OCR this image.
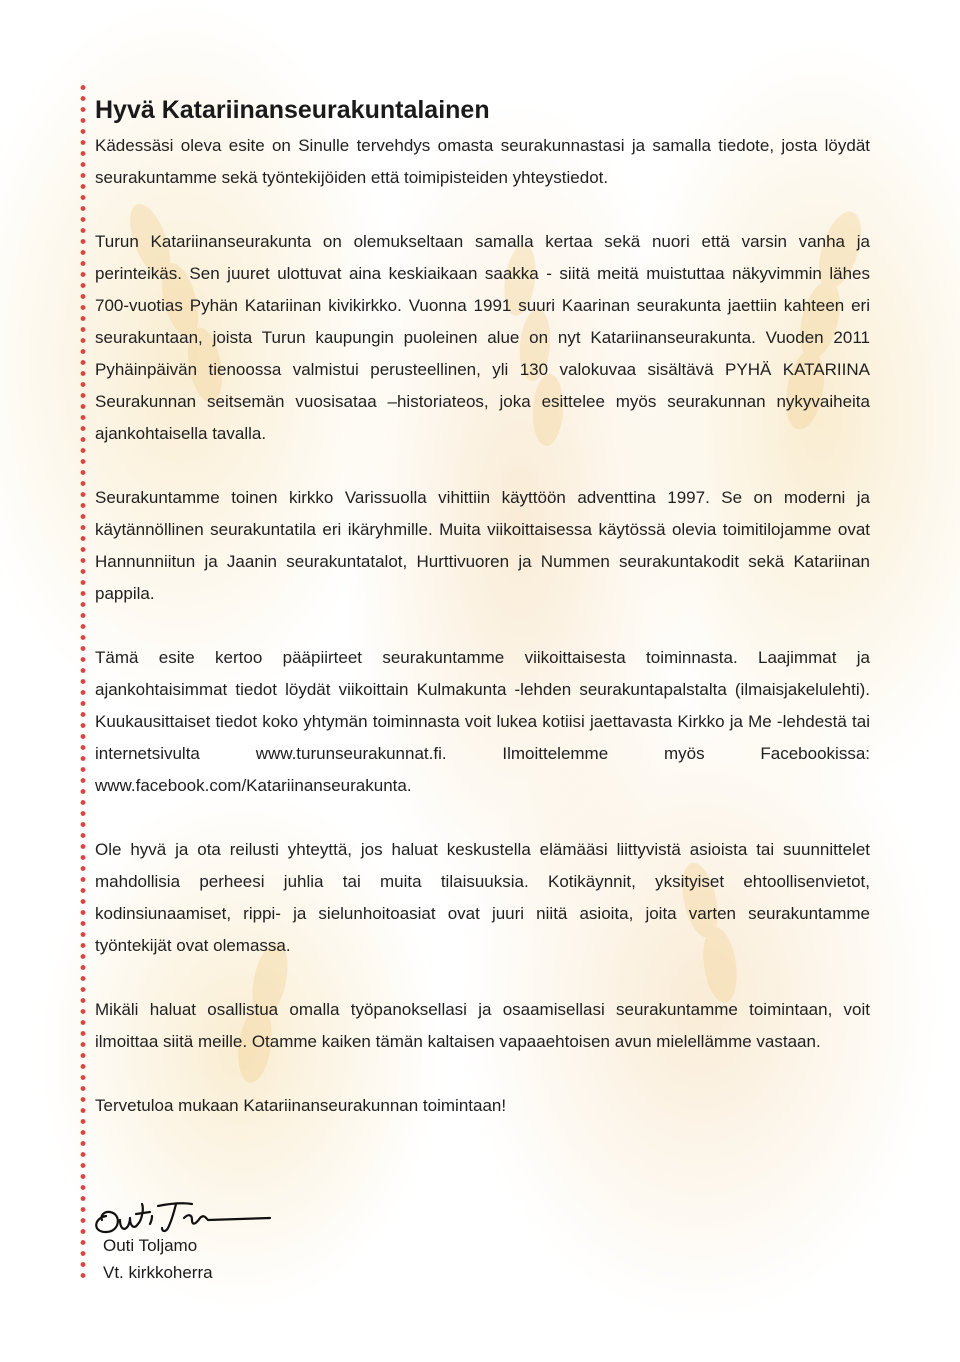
Hyvä Katariinanseurakuntalainen

Kädessäsi oleva esite on Sinulle tervehdys omasta seurakunnastasi ja samalla tiedote, josta löydät seurakuntamme sekä työntekijöiden että toimipisteiden yhteystiedot.

Turun Katariinanseurakunta on olemukseltaan samalla kertaa sekä nuori että varsin vanha ja perinteikäs. Sen juuret ulottuvat aina keskiaikaan saakka - siitä meitä muistuttaa näkyvimmin lähes 700-vuotias Pyhän Katariinan kivikirkko. Vuonna 1991 suuri Kaarinan seurakunta jaettiin kahteen eri seurakuntaan, joista Turun kaupungin puoleinen alue on nyt Katariinanseurakunta. Vuoden 2011 Pyhäinpäivän tienoossa valmistui perusteellinen, yli 130 valokuvaa sisältävä PYHÄ KATARIINA Seurakunnan seitsemän vuosisataa –historiateos, joka esittelee myös seurakunnan nykyvaiheita ajankohtaisella tavalla.

Seurakuntamme toinen kirkko Varissuolla vihittiin käyttöön adventtina 1997. Se on moderni ja käytännöllinen seurakuntatila eri ikäryhmille. Muita viikoittaisessa käytössä olevia toimitilojamme ovat Hannunniitun ja Jaanin seurakuntatalot, Hurttivuoren ja Nummen seurakuntakodit sekä Katariinan pappila.

Tämä esite kertoo pääpiirteet seurakuntamme viikoittaisesta toiminnasta. Laajimmat ja ajankohtaisimmat tiedot löydät viikoittain Kulmakunta -lehden seurakuntapalstalta (ilmaisjakelulehti). Kuukausittaiset tiedot koko yhtymän toiminnasta voit lukea kotiisi jaettavasta Kirkko ja Me -lehdestä tai internetsivulta www.turunseurakunnat.fi. Ilmoittelemme myös Facebookissa: www.facebook.com/Katariinanseurakunta.

Ole hyvä ja ota reilusti yhteyttä, jos haluat keskustella elämääsi liittyvistä asioista tai suunnittelet mahdollisia perheesi juhlia tai muita tilaisuuksia. Kotikäynnit, yksityiset ehtoollisenvietot, kodinsiunaamiset, rippi- ja sielunhoitoasiat ovat juuri niitä asioita, joita varten seurakuntamme työntekijät ovat olemassa.

Mikäli haluat osallistua omalla työpanoksellasi ja osaamisellasi seurakuntamme toimintaan, voit ilmoittaa siitä meille. Otamme kaiken tämän kaltaisen vapaaehtoisen avun mielellämme vastaan.

Tervetuloa mukaan Katariinanseurakunnan toimintaan!

Outi Toljamo
Vt. kirkkoherra
